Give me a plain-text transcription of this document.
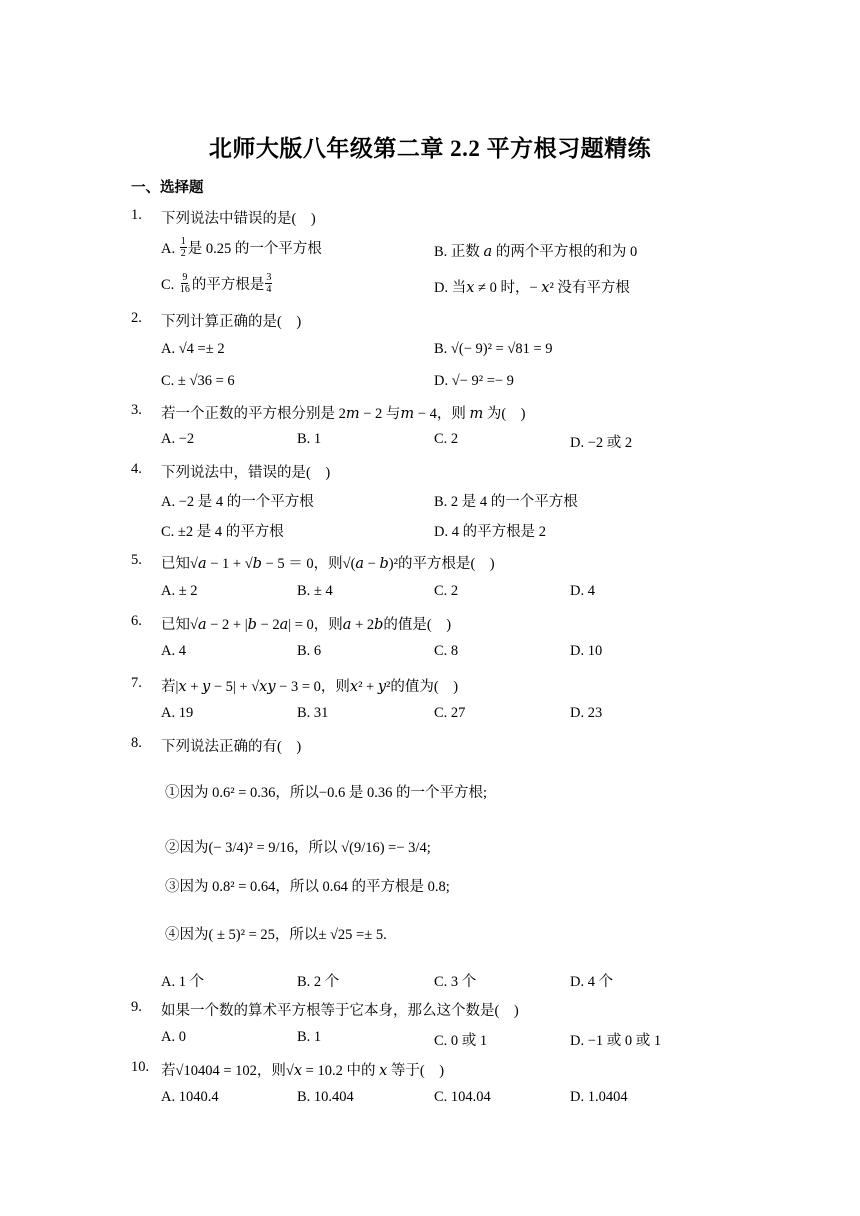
北师大版八年级第二章 2.2 平方根习题精练
一、选择题
1. 下列说法中错误的是(　)
A. $\frac{1}{2}$ 是 0.25 的一个平方根	B. 正数 𝑎 的两个平方根的和为 0
C. $\frac{9}{16}$ 的平方根是 $\frac{3}{4}$	D. 当𝑥 ≠ 0 时，− 𝑥² 没有平方根
2. 下列计算正确的是(　)
A. √4 =± 2	B. √(− 9)² = √81 = 9
C. ± √36 = 6	D. √− 9² =− 9
3. 若一个正数的平方根分别是 2𝑚 − 2 与𝑚 − 4，则 𝑚 为(　)
A. −2	B. 1	C. 2	D. −2 或 2
4. 下列说法中，错误的是(　)
A. −2 是 4 的一个平方根	B. 2 是 4 的一个平方根
C. ±2 是 4 的平方根	D. 4 的平方根是 2
5. 已知√𝑎 − 1 + √𝑏 − 5 ＝ 0，则√(𝑎 − 𝑏)²的平方根是(　)
A. ± 2	B. ± 4	C. 2	D. 4
6. 已知√𝑎 − 2 + |𝑏 − 2𝑎| = 0，则𝑎 + 2𝑏的值是(　)
A. 4	B. 6	C. 8	D. 10
7. 若|𝑥 + 𝑦 − 5| + √𝑥𝑦 − 3 = 0，则𝑥² + 𝑦²的值为(　)
A. 19	B. 31	C. 27	D. 23
8. 下列说法正确的有(　)
①因为 0.6² = 0.36，所以−0.6 是 0.36 的一个平方根;
②因为(− 3/4)² = 9/16，所以 √(9/16) =− 3/4;
③因为 0.8² = 0.64，所以 0.64 的平方根是 0.8;
④因为( ± 5)² = 25，所以± √25 =± 5.
A. 1 个	B. 2 个	C. 3 个	D. 4 个
9. 如果一个数的算术平方根等于它本身，那么这个数是(　)
A. 0	B. 1	C. 0 或 1	D. −1 或 0 或 1
10. 若√10404 = 102，则√𝑥 = 10.2 中的 𝑥 等于(　)
A. 1040.4	B. 10.404	C. 104.04	D. 1.0404
